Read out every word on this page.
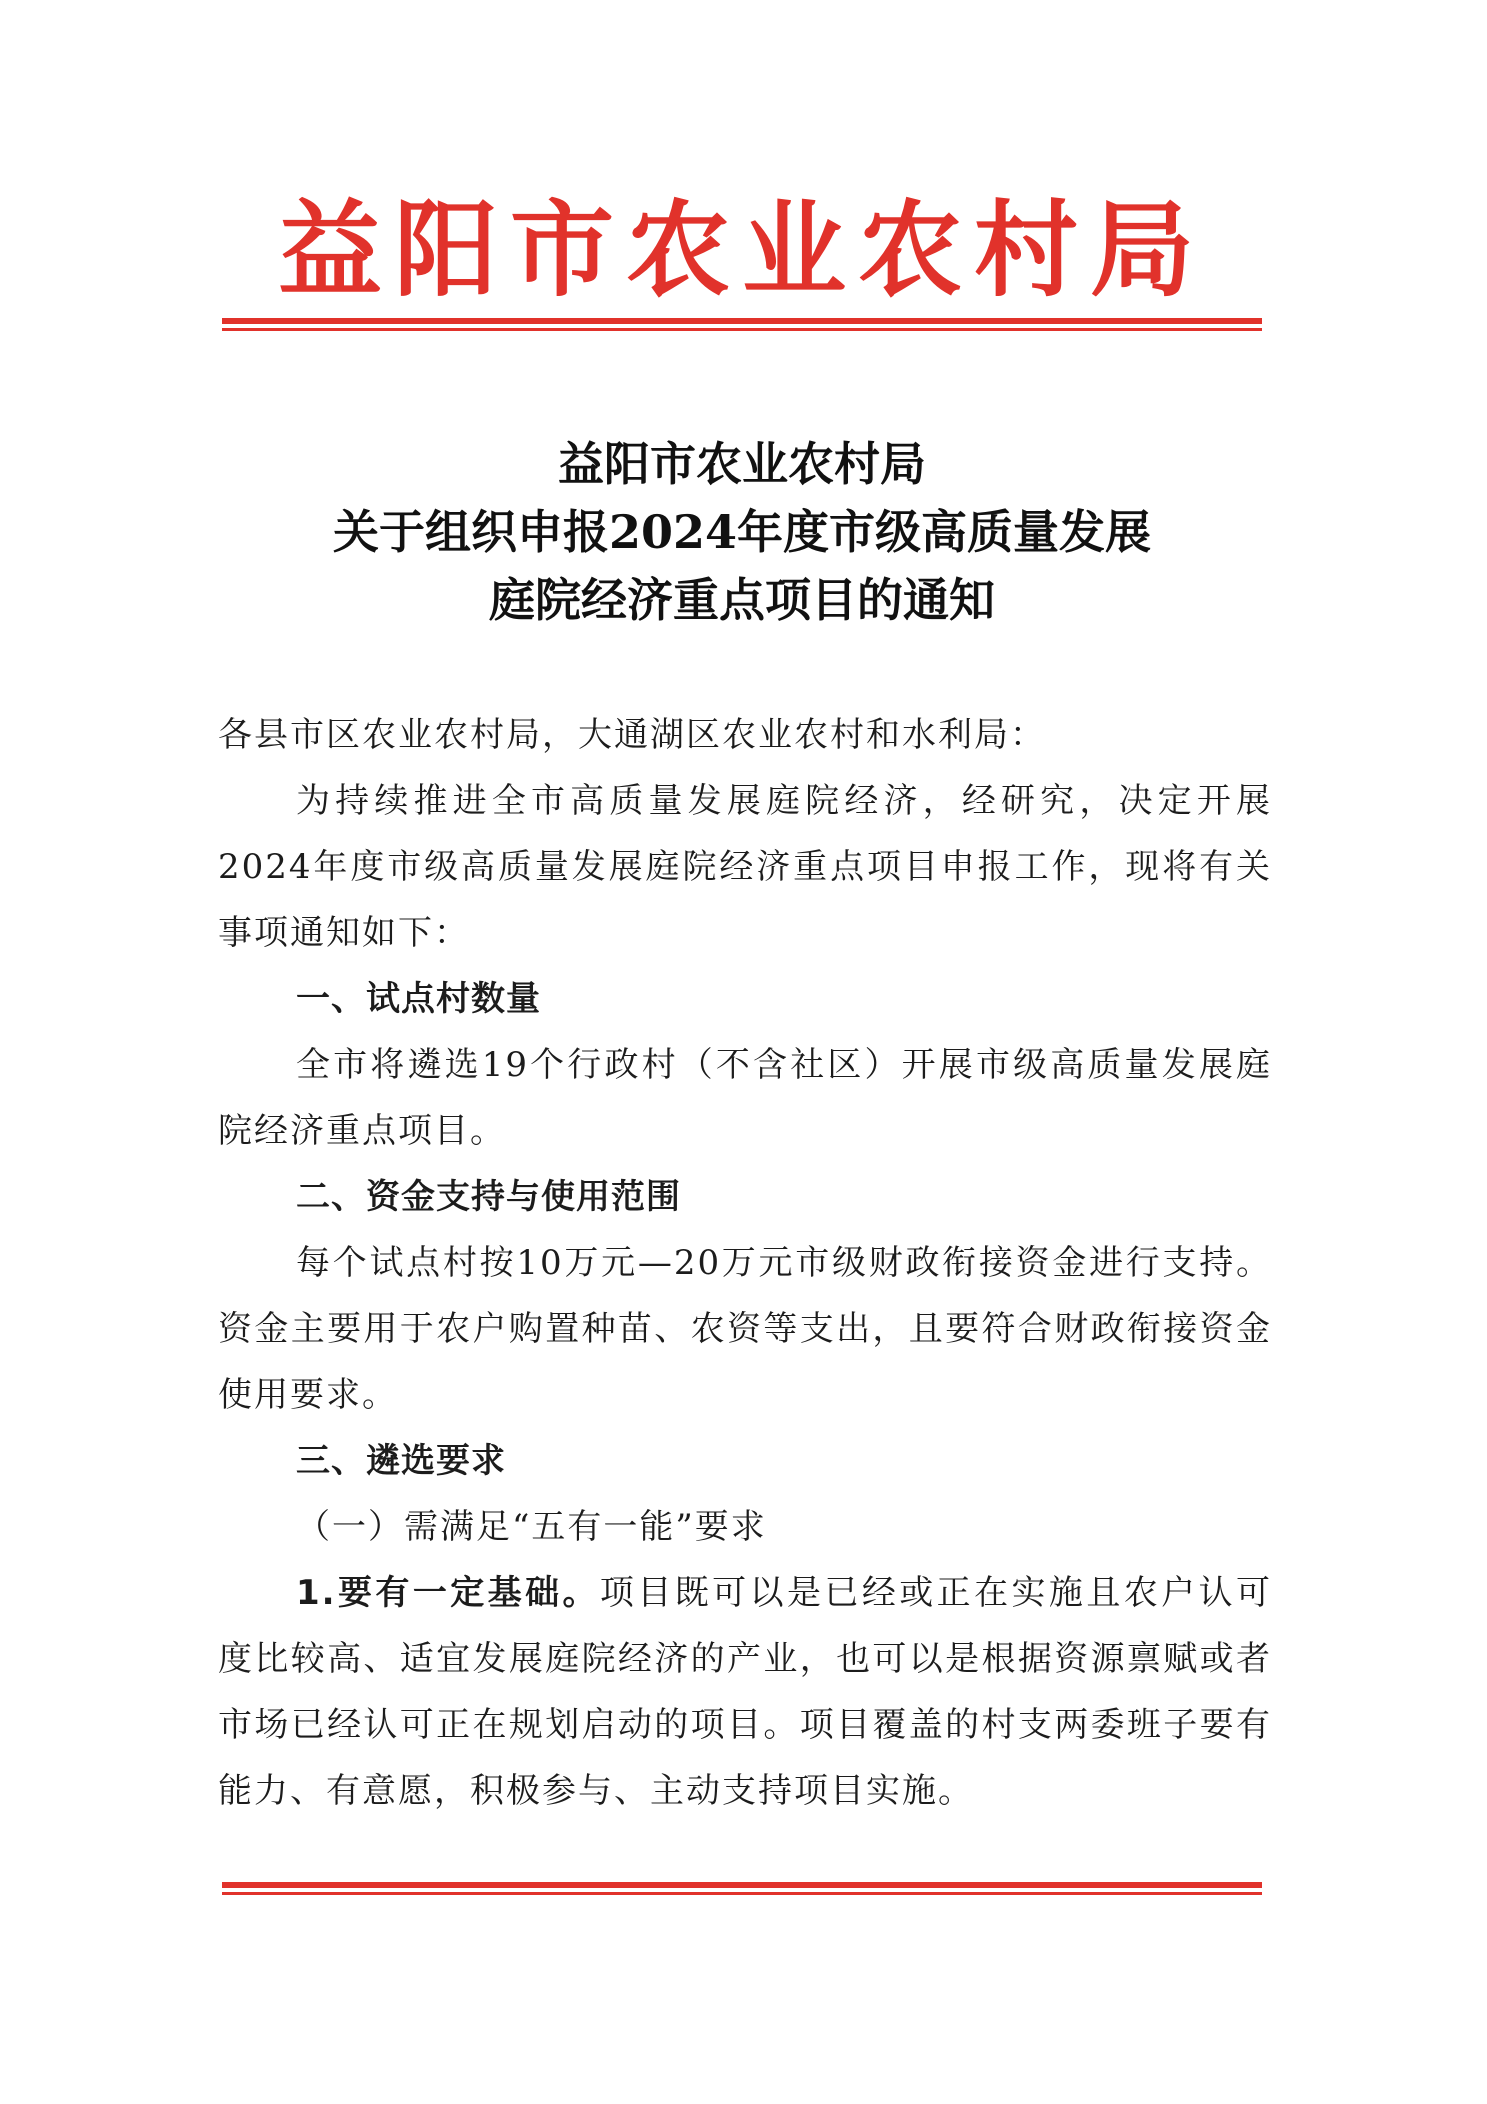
益阳市农业农村局
益阳市农业农村局
关于组织申报2024年度市级高质量发展
庭院经济重点项目的通知

各县市区农业农村局，大通湖区农业农村和水利局：

为持续推进全市高质量发展庭院经济，经研究，决定开展2024年度市级高质量发展庭院经济重点项目申报工作，现将有关事项通知如下：

一、试点村数量

全市将遴选19个行政村（不含社区）开展市级高质量发展庭院经济重点项目。

二、资金支持与使用范围

每个试点村按10万元—20万元市级财政衔接资金进行支持。资金主要用于农户购置种苗、农资等支出，且要符合财政衔接资金使用要求。

三、遴选要求

（一）需满足“五有一能”要求

1.要有一定基础。项目既可以是已经或正在实施且农户认可度比较高、适宜发展庭院经济的产业，也可以是根据资源禀赋或者市场已经认可正在规划启动的项目。项目覆盖的村支两委班子要有能力、有意愿，积极参与、主动支持项目实施。
